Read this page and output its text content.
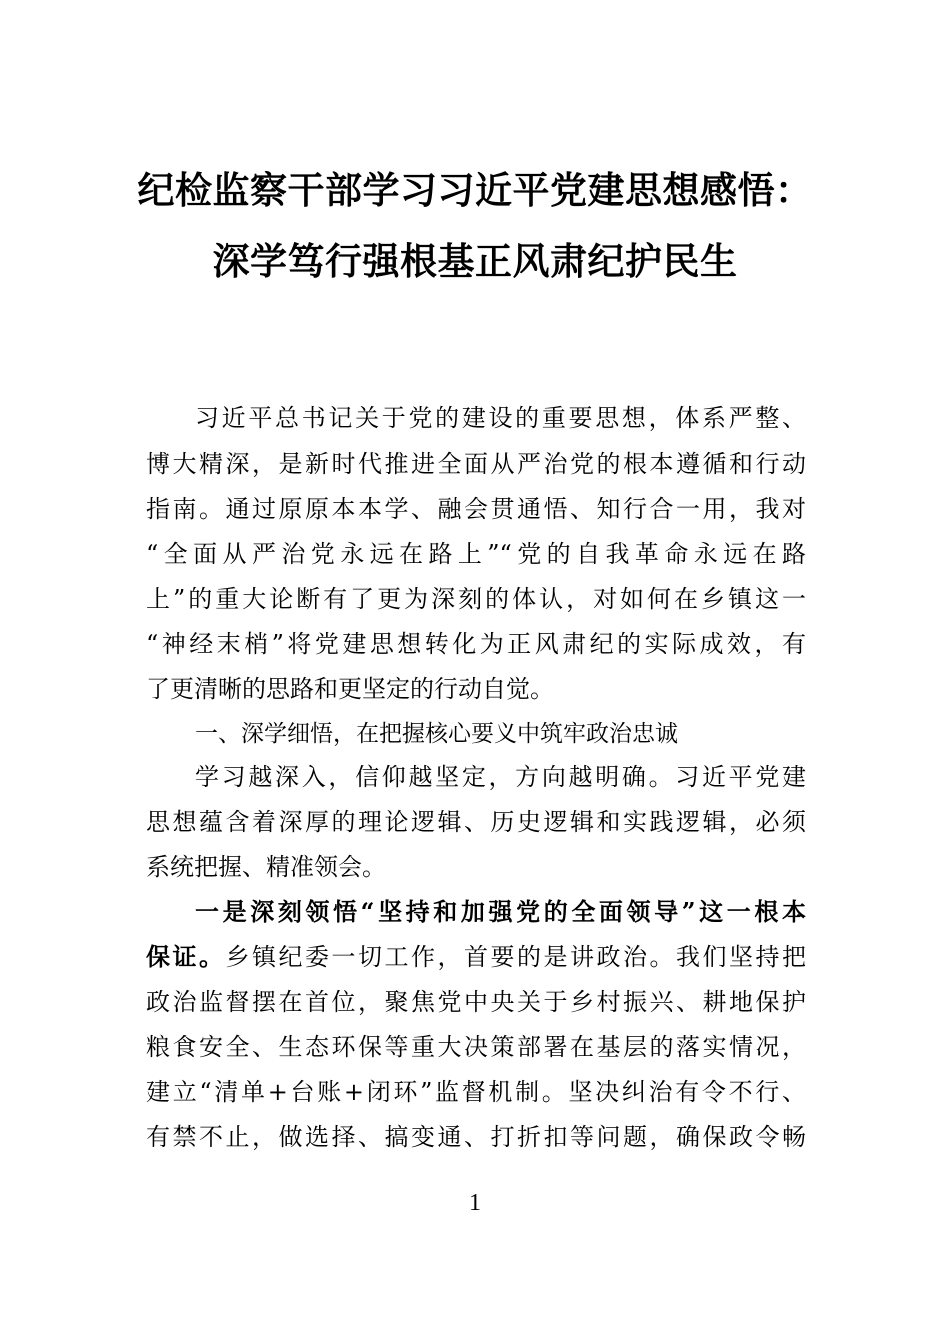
纪检监察干部学习习近平党建思想感悟：
深学笃行强根基正风肃纪护民生
习近平总书记关于党的建设的重要思想，体系严整、
博大精深，是新时代推进全面从严治党的根本遵循和行动
指南。通过原原本本学、融会贯通悟、知行合一用，我对
“全面从严治党永远在路上”“党的自我革命永远在路
上”的重大论断有了更为深刻的体认，对如何在乡镇这一
“神经末梢”将党建思想转化为正风肃纪的实际成效，有
了更清晰的思路和更坚定的行动自觉。
一、深学细悟，在把握核心要义中筑牢政治忠诚
学习越深入，信仰越坚定，方向越明确。习近平党建
思想蕴含着深厚的理论逻辑、历史逻辑和实践逻辑，必须
系统把握、精准领会。
一是深刻领悟“坚持和加强党的全面领导”这一根本
保证。乡镇纪委一切工作，首要的是讲政治。我们坚持把
政治监督摆在首位，聚焦党中央关于乡村振兴、耕地保护
粮食安全、生态环保等重大决策部署在基层的落实情况，
建立“清单+台账+闭环”监督机制。坚决纠治有令不行、
有禁不止，做选择、搞变通、打折扣等问题，确保政令畅
1
